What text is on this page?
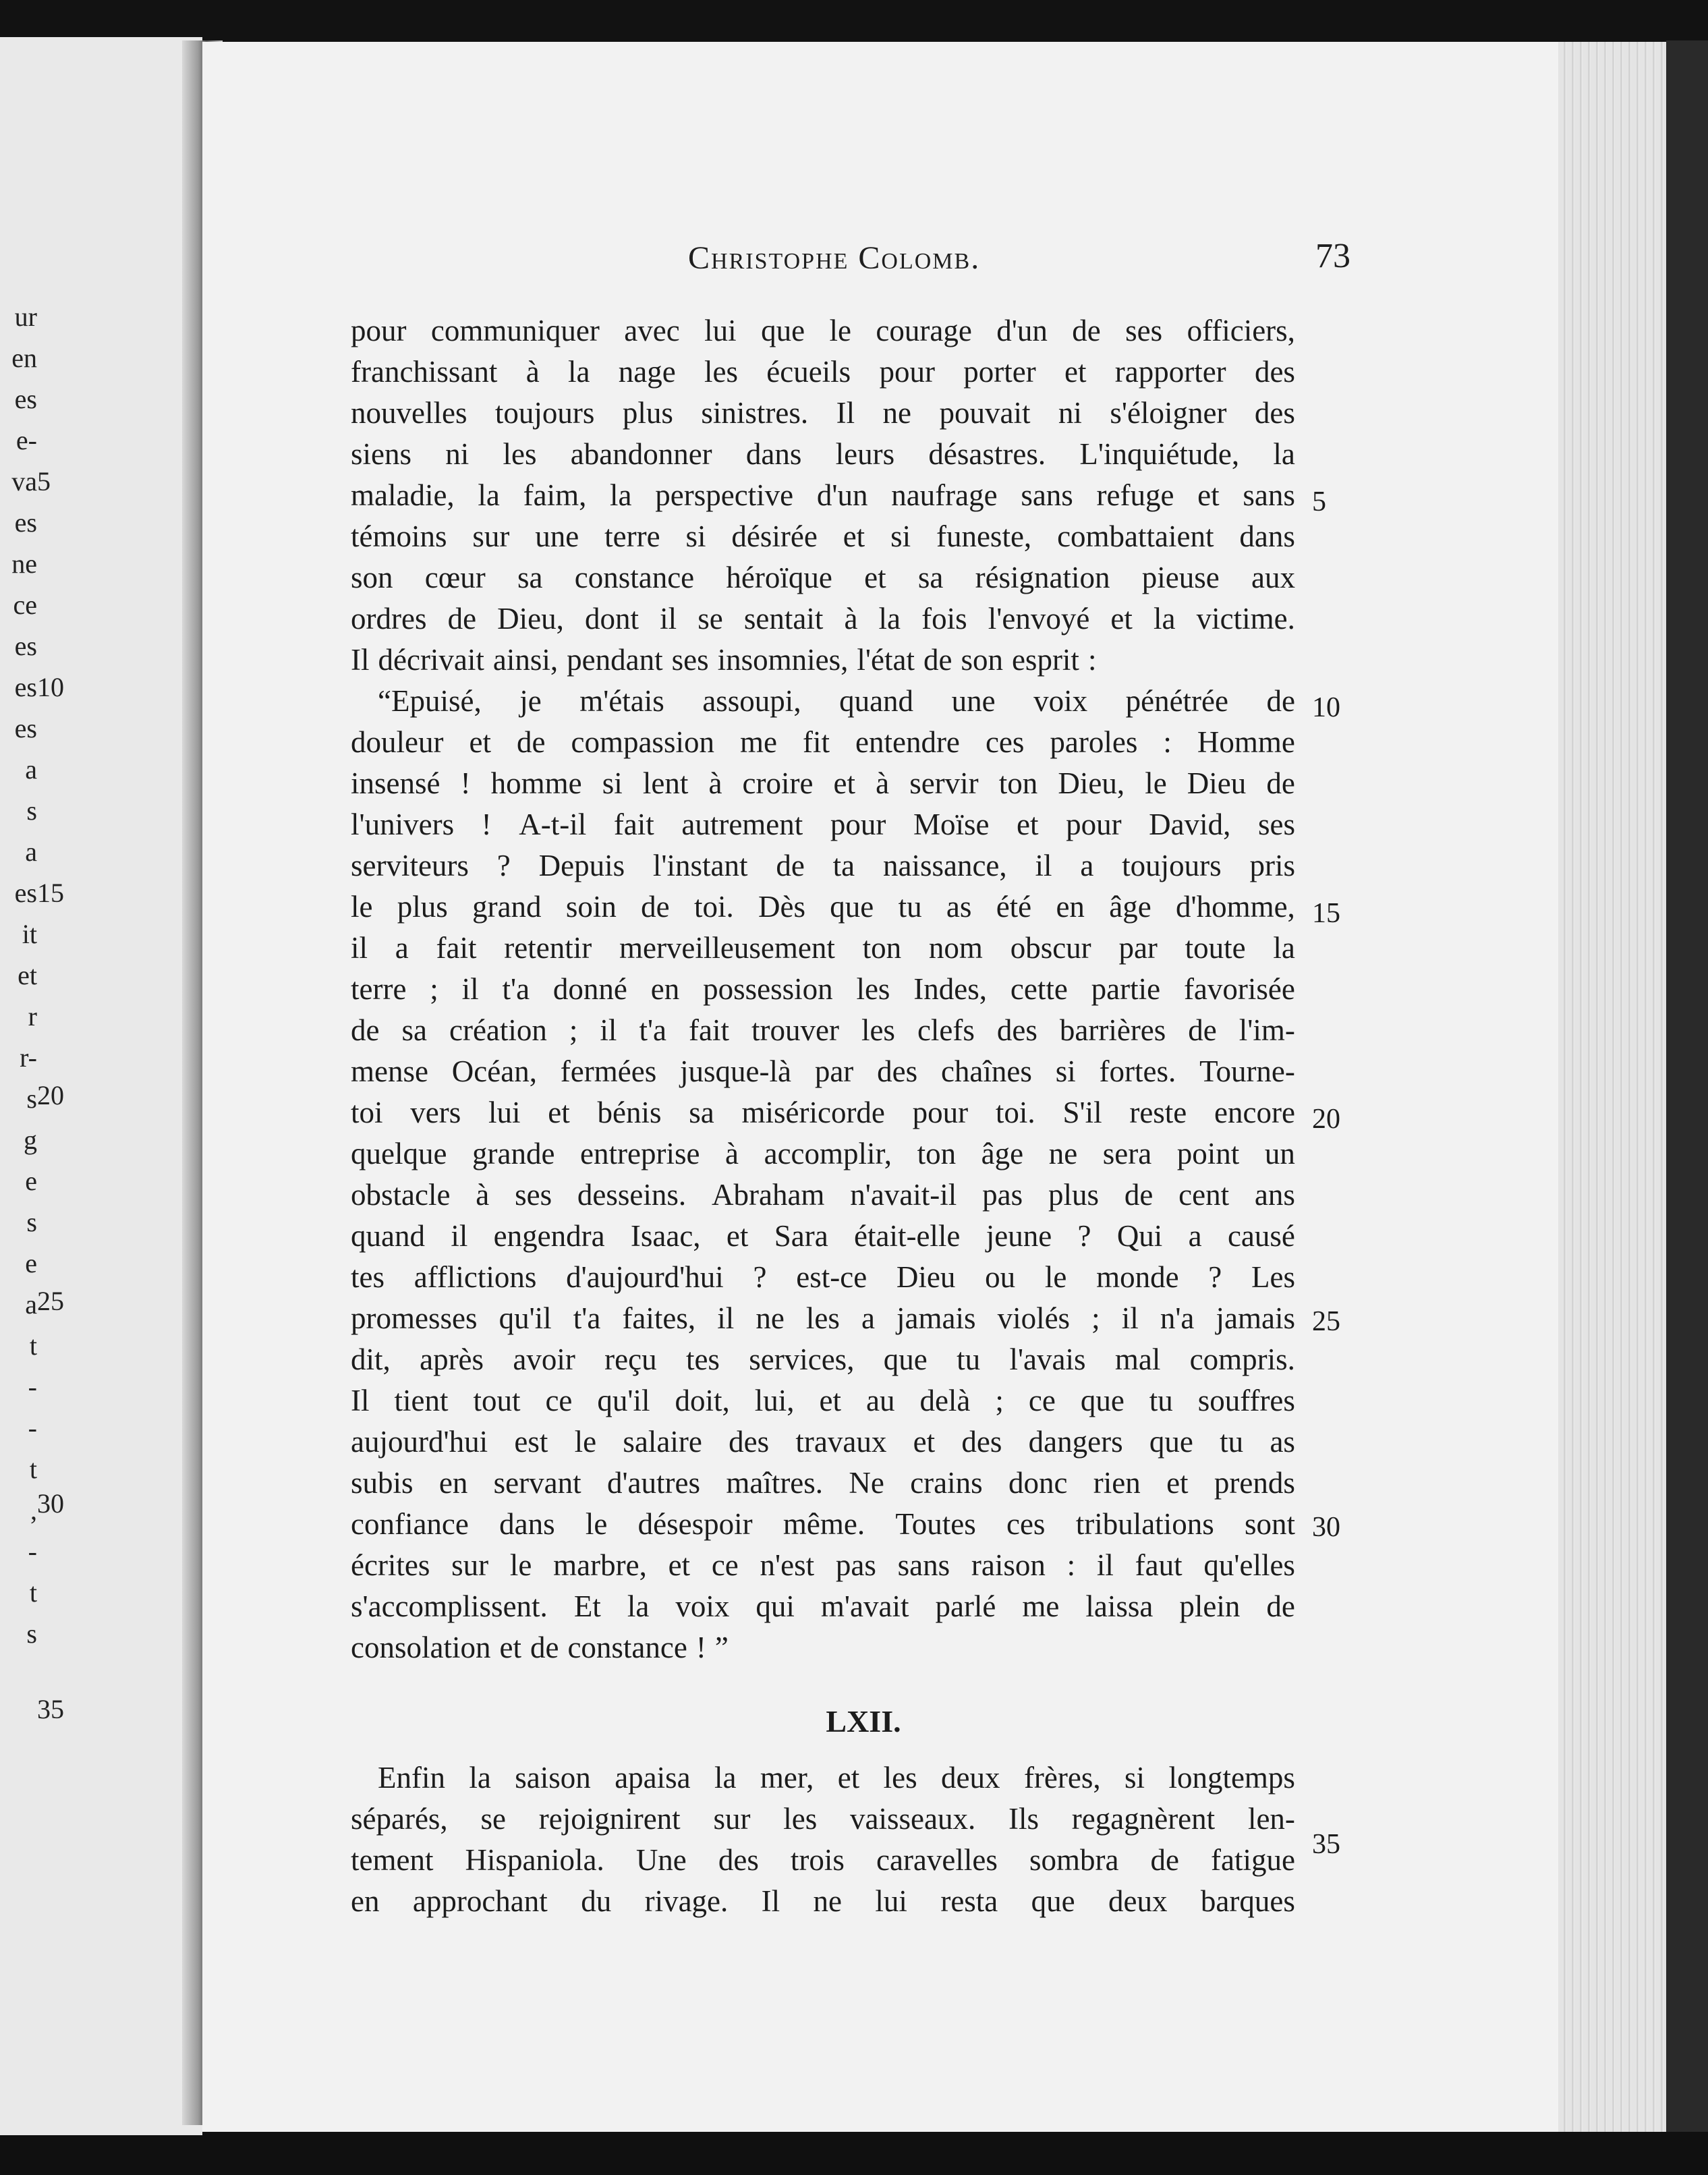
ur
en
es
e-
va
es
ne
ce
es
es
es
a
s
a
es
it
et
r
r-
s
g
e
s
e
a
t
-
-
t
,
-
t
s
5
10
15
20
25
30
35
Christophe Colomb.	73
pour communiquer avec lui que le courage d'un de ses officiers,
franchissant à la nage les écueils pour porter et rapporter des
nouvelles toujours plus sinistres. Il ne pouvait ni s'éloigner des
siens ni les abandonner dans leurs désastres. L'inquiétude, la
maladie, la faim, la perspective d'un naufrage sans refuge et sans
témoins sur une terre si désirée et si funeste, combattaient dans
son cœur sa constance héroïque et sa résignation pieuse aux
ordres de Dieu, dont il se sentait à la fois l'envoyé et la victime.
Il décrivait ainsi, pendant ses insomnies, l'état de son esprit :
“Epuisé, je m'étais assoupi, quand une voix pénétrée de
douleur et de compassion me fit entendre ces paroles : Homme
insensé ! homme si lent à croire et à servir ton Dieu, le Dieu de
l'univers ! A-t-il fait autrement pour Moïse et pour David, ses
serviteurs ? Depuis l'instant de ta naissance, il a toujours pris
le plus grand soin de toi. Dès que tu as été en âge d'homme,
il a fait retentir merveilleusement ton nom obscur par toute la
terre ; il t'a donné en possession les Indes, cette partie favorisée
de sa création ; il t'a fait trouver les clefs des barrières de l'im-
mense Océan, fermées jusque-là par des chaînes si fortes. Tourne-
toi vers lui et bénis sa miséricorde pour toi. S'il reste encore
quelque grande entreprise à accomplir, ton âge ne sera point un
obstacle à ses desseins. Abraham n'avait-il pas plus de cent ans
quand il engendra Isaac, et Sara était-elle jeune ? Qui a causé
tes afflictions d'aujourd'hui ? est-ce Dieu ou le monde ? Les
promesses qu'il t'a faites, il ne les a jamais violés ; il n'a jamais
dit, après avoir reçu tes services, que tu l'avais mal compris.
Il tient tout ce qu'il doit, lui, et au delà ; ce que tu souffres
aujourd'hui est le salaire des travaux et des dangers que tu as
subis en servant d'autres maîtres. Ne crains donc rien et prends
confiance dans le désespoir même. Toutes ces tribulations sont
écrites sur le marbre, et ce n'est pas sans raison : il faut qu'elles
s'accomplissent. Et la voix qui m'avait parlé me laissa plein de
consolation et de constance ! ”
5
10
15
20
25
30
35
LXII.
Enfin la saison apaisa la mer, et les deux frères, si longtemps
séparés, se rejoignirent sur les vaisseaux. Ils regagnèrent len-
tement Hispaniola. Une des trois caravelles sombra de fatigue
en approchant du rivage. Il ne lui resta que deux barques
